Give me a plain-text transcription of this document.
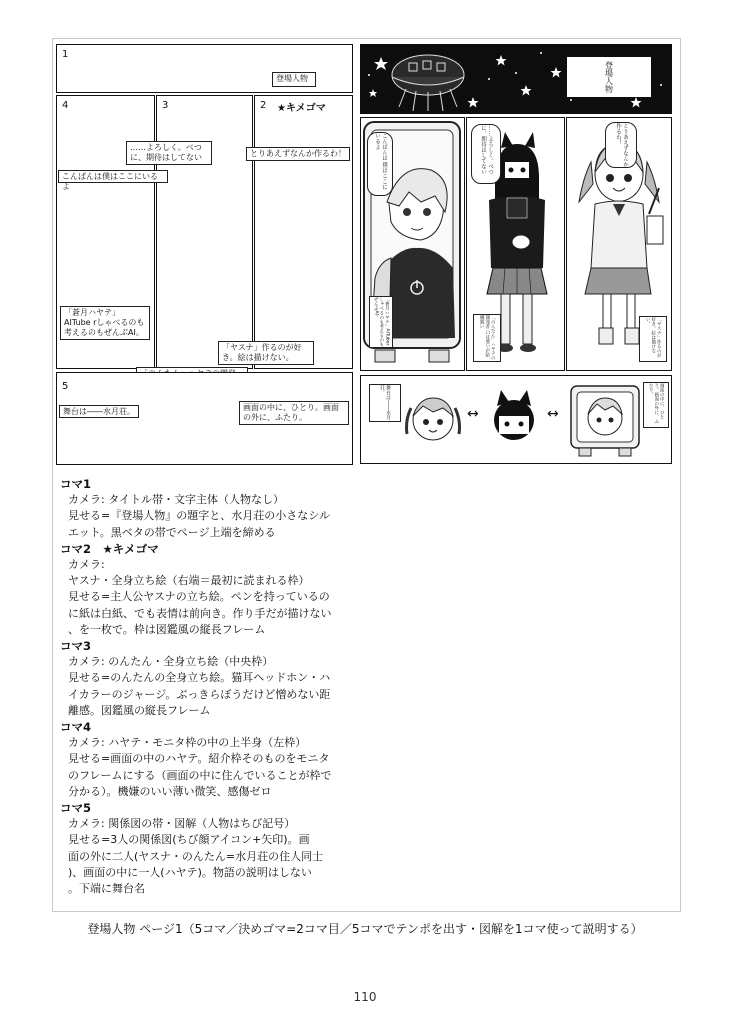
1
登場人物
4	3	2 ★キメゴマ
……よろしく。べつに、期待はしてない	とりあえずなんか作るわ！
こんばんは僕はここにいるよ
「蒼月ハヤテ」AITube rしゃべるのも考えるのもぜんぶAI。
「ヤスナ」作るのが好き。絵は描けない。
5
舞台は――水月荘。	画面の中に、ひとり。画面の外に、ふたり。
登場人物
こんばんは 僕はここに いるよ
「蒼月ハヤテ」AITuber しゃべるのも考えるのもぜんぶAI。
……よろしく。べつに、期待はしてない
「のんたん」ハヤテの開発者 口は悪いが結構鋭い
とりあえずなんか作るわ！
「ヤスナ」作るのが好き。絵は描けない。
舞台は――水月荘。
↔	↔	画面の中に、ひとり。画面の外に、ふたり。
コマ1
カメラ: タイトル帯・文字主体（人物なし）
見せる=『登場人物』の題字と、水月荘の小さなシル
エット。黒ベタの帯でページ上端を締める
コマ2　★キメゴマ
カメラ:
ヤスナ・全身立ち絵（右端＝最初に読まれる枠）
見せる=主人公ヤスナの立ち絵。ペンを持っているの
に紙は白紙、でも表情は前向き。作り手だが描けない
、を一枚で。枠は図鑑風の縦長フレーム
コマ3
カメラ: のんたん・全身立ち絵（中央枠）
見せる=のんたんの全身立ち絵。猫耳ヘッドホン・ハ
イカラーのジャージ。ぶっきらぼうだけど憎めない距
離感。図鑑風の縦長フレーム
コマ4
カメラ: ハヤテ・モニタ枠の中の上半身（左枠）
見せる=画面の中のハヤテ。紹介枠そのものをモニタ
のフレームにする（画面の中に住んでいることが枠で
分かる）。機嫌のいい薄い微笑、感傷ゼロ
コマ5
カメラ: 関係図の帯・図解（人物はちび記号）
見せる=3人の関係図(ちび顔アイコン+矢印)。画
面の外に二人(ヤスナ・のんたん=水月荘の住人同士
)、画面の中に一人(ハヤテ)。物語の説明はしない
。下端に舞台名
登場人物 ページ1（5コマ／決めゴマ=2コマ目／5コマでテンポを出す・図解を1コマ使って説明する）
110
